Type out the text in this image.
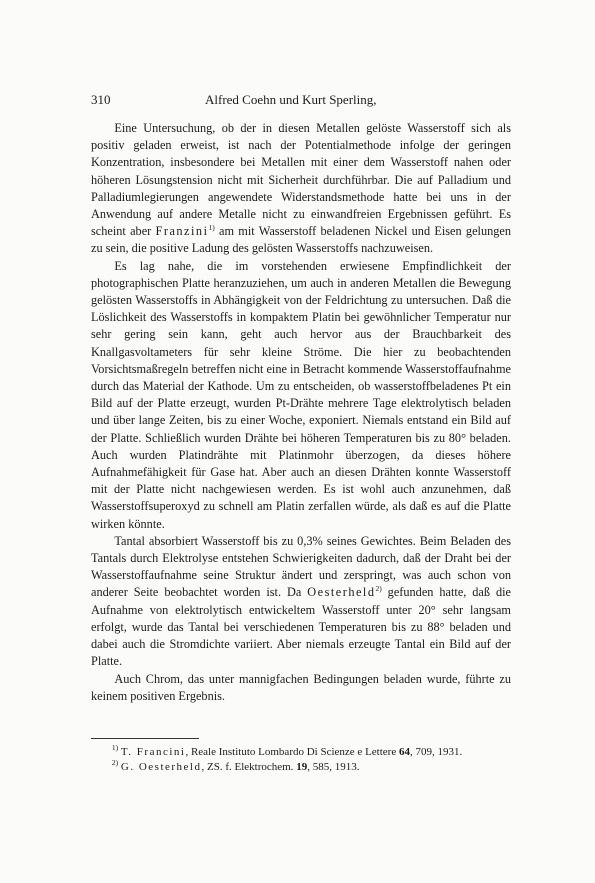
310	Alfred Coehn und Kurt Sperling,

Eine Untersuchung, ob der in diesen Metallen gelöste Wasserstoff sich als positiv geladen erweist, ist nach der Potentialmethode infolge der geringen Konzentration, insbesondere bei Metallen mit einer dem Wasserstoff nahen oder höheren Lösungstension nicht mit Sicherheit durchführbar. Die auf Palladium und Palladiumlegierungen angewendete Widerstandsmethode hatte bei uns in der Anwendung auf andere Metalle nicht zu einwandfreien Ergebnissen geführt. Es scheint aber Franzini$^{1)}$ am mit Wasserstoff beladenen Nickel und Eisen gelungen zu sein, die positive Ladung des gelösten Wasserstoffs nachzuweisen.

Es lag nahe, die im vorstehenden erwiesene Empfindlichkeit der photographischen Platte heranzuziehen, um auch in anderen Metallen die Bewegung gelösten Wasserstoffs in Abhängigkeit von der Feldrichtung zu untersuchen. Daß die Löslichkeit des Wasserstoffs in kompaktem Platin bei gewöhnlicher Temperatur nur sehr gering sein kann, geht auch hervor aus der Brauchbarkeit des Knallgasvoltameters für sehr kleine Ströme. Die hier zu beobachtenden Vorsichtsmaßregeln betreffen nicht eine in Betracht kommende Wasserstoffaufnahme durch das Material der Kathode. Um zu entscheiden, ob wasserstoffbeladenes Pt ein Bild auf der Platte erzeugt, wurden Pt-Drähte mehrere Tage elektrolytisch beladen und über lange Zeiten, bis zu einer Woche, exponiert. Niemals entstand ein Bild auf der Platte. Schließlich wurden Drähte bei höheren Temperaturen bis zu 80° beladen. Auch wurden Platindrähte mit Platinmohr überzogen, da dieses höhere Aufnahmefähigkeit für Gase hat. Aber auch an diesen Drähten konnte Wasserstoff mit der Platte nicht nachgewiesen werden. Es ist wohl auch anzunehmen, daß Wasserstoffsuperoxyd zu schnell am Platin zerfallen würde, als daß es auf die Platte wirken könnte.

Tantal absorbiert Wasserstoff bis zu 0,3% seines Gewichtes. Beim Beladen des Tantals durch Elektrolyse entstehen Schwierigkeiten dadurch, daß der Draht bei der Wasserstoffaufnahme seine Struktur ändert und zerspringt, was auch schon von anderer Seite beobachtet worden ist. Da Oesterheld$^{2)}$ gefunden hatte, daß die Aufnahme von elektrolytisch entwickeltem Wasserstoff unter 20° sehr langsam erfolgt, wurde das Tantal bei verschiedenen Temperaturen bis zu 88° beladen und dabei auch die Stromdichte variiert. Aber niemals erzeugte Tantal ein Bild auf der Platte.

Auch Chrom, das unter mannigfachen Bedingungen beladen wurde, führte zu keinem positiven Ergebnis.

$^{1)}$ T. Francini, Reale Instituto Lombardo Di Scienze e Lettere 64, 709, 1931.
$^{2)}$ G. Oesterheld, ZS. f. Elektrochem. 19, 585, 1913.
